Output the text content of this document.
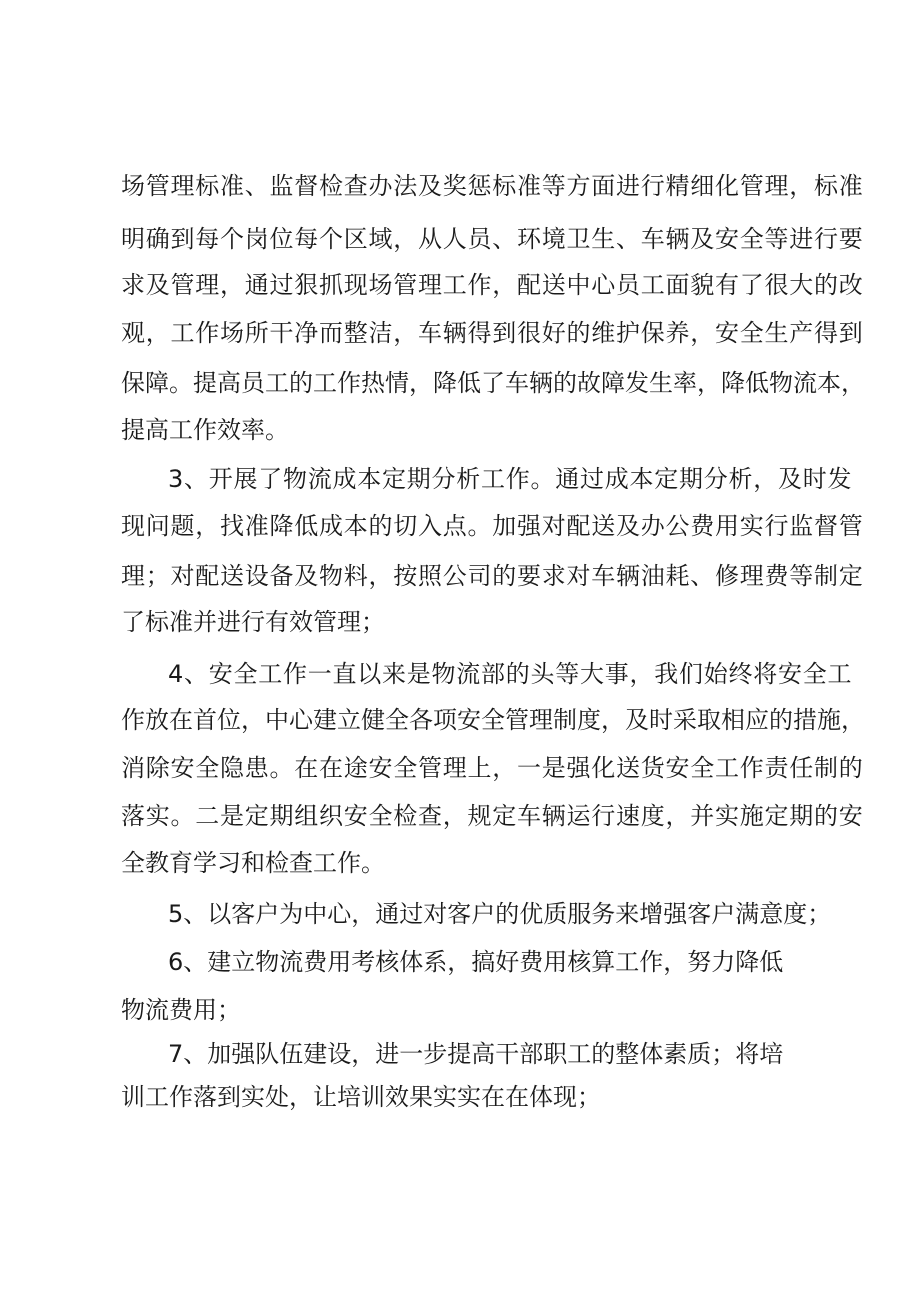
场管理标准、监督检查办法及奖惩标准等方面进行精细化管理，标准

明确到每个岗位每个区域，从人员、环境卫生、车辆及安全等进行要

求及管理，通过狠抓现场管理工作，配送中心员工面貌有了很大的改

观，工作场所干净而整洁，车辆得到很好的维护保养，安全生产得到

保障。提高员工的工作热情，降低了车辆的故障发生率，降低物流本，

提高工作效率。

3、开展了物流成本定期分析工作。通过成本定期分析，及时发

现问题，找准降低成本的切入点。加强对配送及办公费用实行监督管

理；对配送设备及物料，按照公司的要求对车辆油耗、修理费等制定

了标准并进行有效管理；

4、安全工作一直以来是物流部的头等大事，我们始终将安全工

作放在首位，中心建立健全各项安全管理制度，及时采取相应的措施，

消除安全隐患。在在途安全管理上，一是强化送货安全工作责任制的

落实。二是定期组织安全检查，规定车辆运行速度，并实施定期的安

全教育学习和检查工作。

5、以客户为中心，通过对客户的优质服务来增强客户满意度；

6、建立物流费用考核体系，搞好费用核算工作，努力降低

物流费用；

7、加强队伍建设，进一步提高干部职工的整体素质；将培

训工作落到实处，让培训效果实实在在体现；
